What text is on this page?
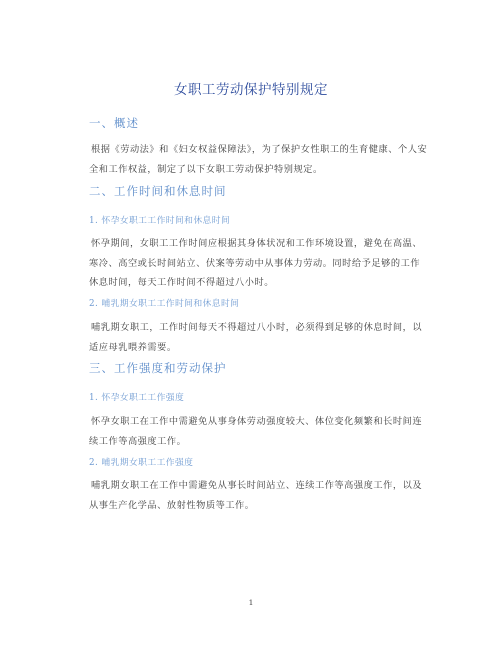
女职工劳动保护特别规定
一、概述

根据《劳动法》和《妇女权益保障法》，为了保护女性职工的生育健康、个人安全和工作权益，制定了以下女职工劳动保护特别规定。

二、工作时间和休息时间
1. 怀孕女职工工作时间和休息时间

怀孕期间，女职工工作时间应根据其身体状况和工作环境设置，避免在高温、寒冷、高空或长时间站立、伏案等劳动中从事体力劳动。同时给予足够的工作休息时间，每天工作时间不得超过八小时。

2. 哺乳期女职工工作时间和休息时间

哺乳期女职工，工作时间每天不得超过八小时，必须得到足够的休息时间，以适应母乳喂养需要。

三、工作强度和劳动保护
1. 怀孕女职工工作强度

怀孕女职工在工作中需避免从事身体劳动强度较大、体位变化频繁和长时间连续工作等高强度工作。

2. 哺乳期女职工工作强度

哺乳期女职工在工作中需避免从事长时间站立、连续工作等高强度工作，以及从事生产化学品、放射性物质等工作。

1
